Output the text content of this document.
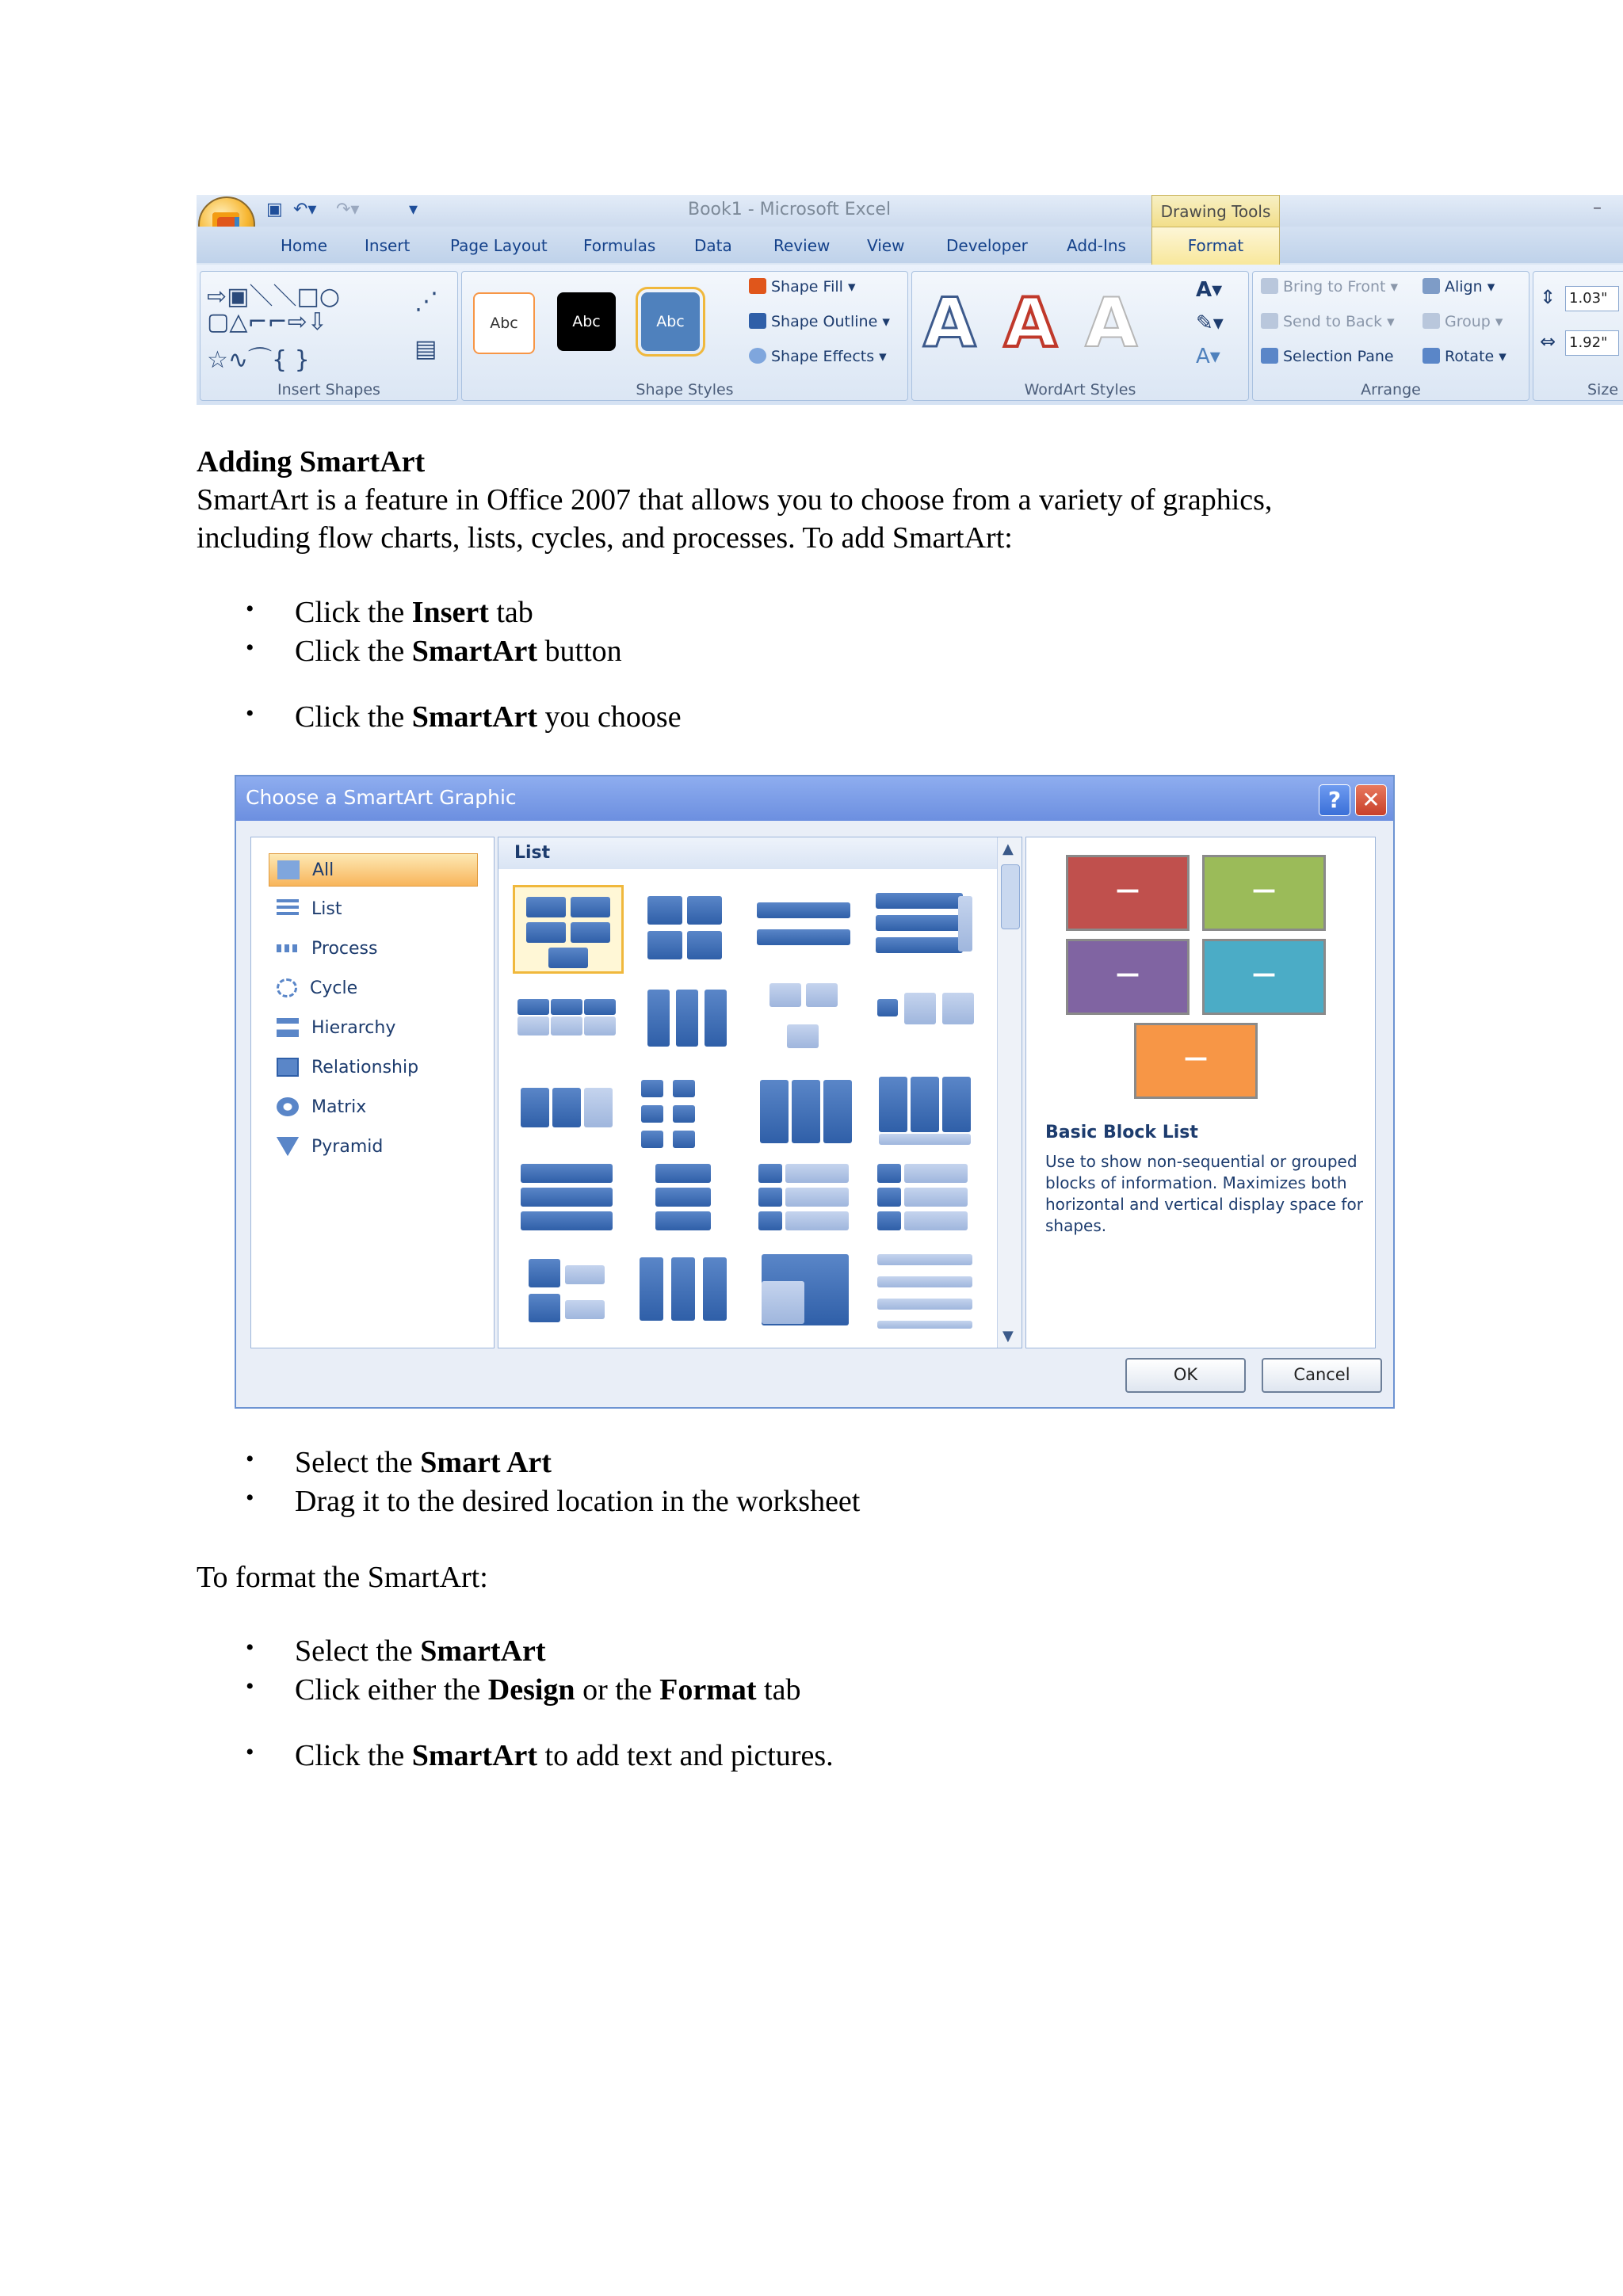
▣ ↶▾ ↷▾	▾	Book1 - Microsoft Excel	Drawing Tools	–
Home Insert	Page Layout Formulas Data	Review View	Developer Add-Ins	Format
⇨▣＼＼□○
▢△⌐⌐⇨⇩
☆∿⌒{ }
⋰
▤
Insert Shapes
Abc	Abc	Abc
Shape Fill ▾
Shape Outline ▾
Shape Effects ▾
Shape Styles
A A A	A▾
✎▾
A▾
WordArt Styles
Bring to Front ▾
Send to Back ▾
Selection Pane
Align ▾
Group ▾
Rotate ▾
Arrange
⇕ 1.03"
⇔ 1.92"
Size
Adding SmartArt
SmartArt is a feature in Office 2007 that allows you to choose from a variety of graphics,
including flow charts, lists, cycles, and processes. To add SmartArt:
• Click the Insert tab
• Click the SmartArt button
• Click the SmartArt you choose
Choose a SmartArt Graphic	? ✕
All
List
Process
Cycle
Hierarchy
Relationship
Matrix
Pyramid
List	▲
▼
—	—
—	—
—
Basic Block List
Use to show non-sequential or grouped blocks of information. Maximizes both horizontal and vertical display space for shapes.
OK	Cancel
• Select the Smart Art
• Drag it to the desired location in the worksheet
To format the SmartArt:
• Select the SmartArt
• Click either the Design or the Format tab
• Click the SmartArt to add text and pictures.
